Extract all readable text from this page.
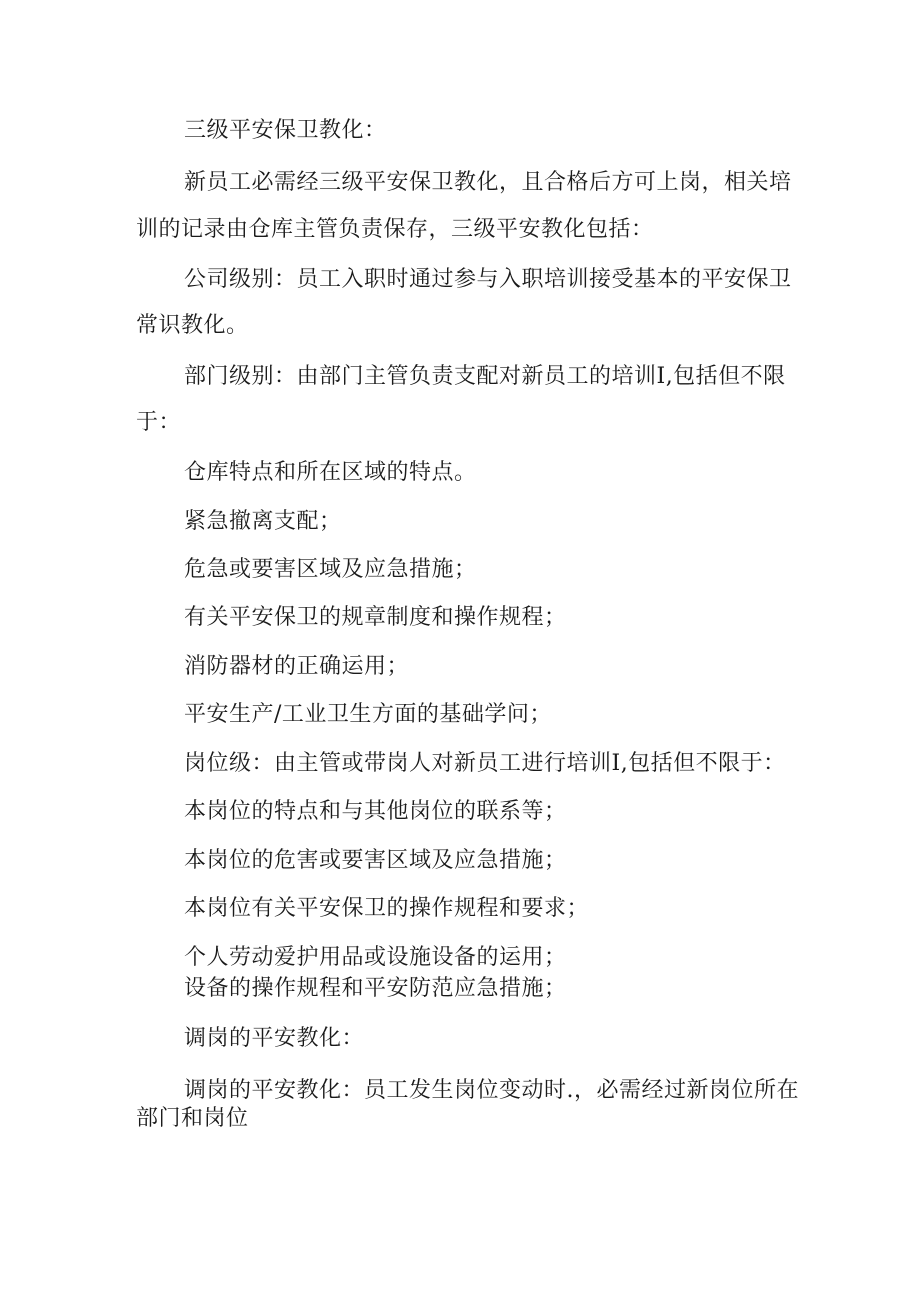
三级平安保卫教化：
新员工必需经三级平安保卫教化，且合格后方可上岗，相关培
训的记录由仓库主管负责保存，三级平安教化包括：
公司级别：员工入职时通过参与入职培训接受基本的平安保卫
常识教化。
部门级别：由部门主管负责支配对新员工的培训I,包括但不限
于：
仓库特点和所在区域的特点。
紧急撤离支配；
危急或要害区域及应急措施；
有关平安保卫的规章制度和操作规程；
消防器材的正确运用；
平安生产/工业卫生方面的基础学问；
岗位级：由主管或带岗人对新员工进行培训I,包括但不限于：
本岗位的特点和与其他岗位的联系等；
本岗位的危害或要害区域及应急措施；
本岗位有关平安保卫的操作规程和要求；
个人劳动爱护用品或设施设备的运用；
设备的操作规程和平安防范应急措施；
调岗的平安教化：
调岗的平安教化：员工发生岗位变动时.，必需经过新岗位所在
部门和岗位
